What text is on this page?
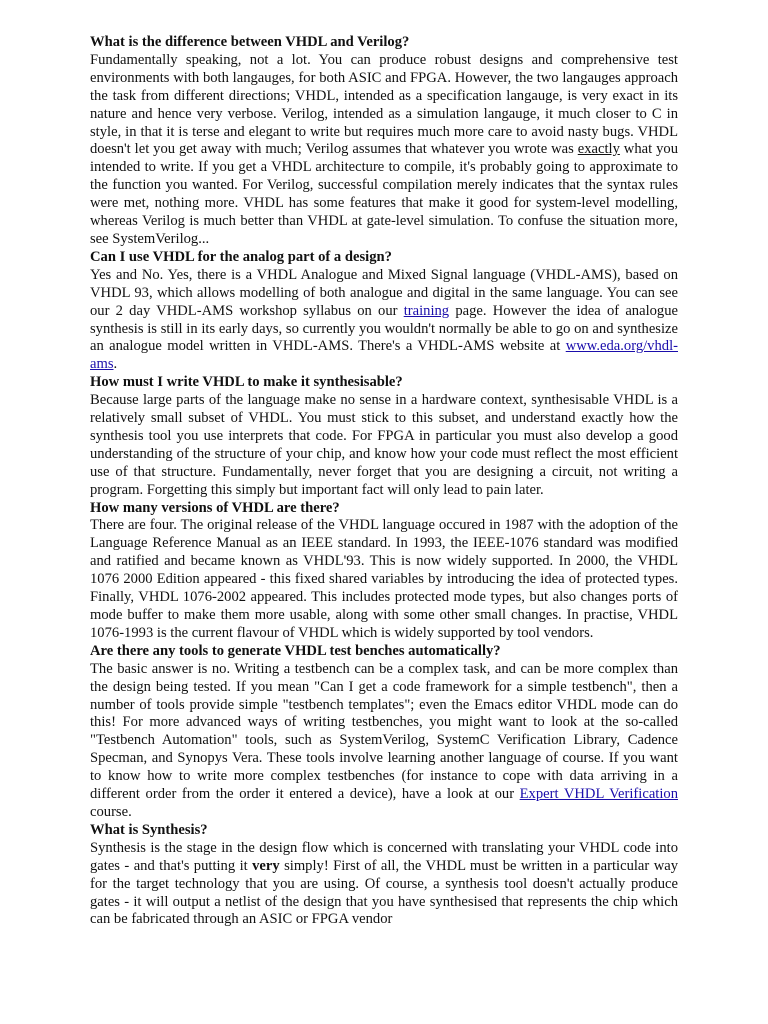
What is the difference between VHDL and Verilog?

Fundamentally speaking, not a lot. You can produce robust designs and comprehensive test environments with both langauges, for both ASIC and FPGA. However, the two langauges approach the task from different directions; VHDL, intended as a specification langauge, is very exact in its nature and hence very verbose. Verilog, intended as a simulation langauge, it much closer to C in style, in that it is terse and elegant to write but requires much more care to avoid nasty bugs. VHDL doesn't let you get away with much; Verilog assumes that whatever you wrote was exactly what you intended to write. If you get a VHDL architecture to compile, it's probably going to approximate to the function you wanted. For Verilog, successful compilation merely indicates that the syntax rules were met, nothing more. VHDL has some features that make it good for system-level modelling, whereas Verilog is much better than VHDL at gate-level simulation. To confuse the situation more, see SystemVerilog...

Can I use VHDL for the analog part of a design?

Yes and No. Yes, there is a VHDL Analogue and Mixed Signal language (VHDL-AMS), based on VHDL 93, which allows modelling of both analogue and digital in the same language. You can see our 2 day VHDL-AMS workshop syllabus on our training page. However the idea of analogue synthesis is still in its early days, so currently you wouldn't normally be able to go on and synthesize an analogue model written in VHDL-AMS. There's a VHDL-AMS website at www.eda.org/vhdl-ams.

How must I write VHDL to make it synthesisable?

Because large parts of the language make no sense in a hardware context, synthesisable VHDL is a relatively small subset of VHDL. You must stick to this subset, and understand exactly how the synthesis tool you use interprets that code. For FPGA in particular you must also develop a good understanding of the structure of your chip, and know how your code must reflect the most efficient use of that structure. Fundamentally, never forget that you are designing a circuit, not writing a program. Forgetting this simply but important fact will only lead to pain later.

How many versions of VHDL are there?

There are four. The original release of the VHDL language occured in 1987 with the adoption of the Language Reference Manual as an IEEE standard. In 1993, the IEEE-1076 standard was modified and ratified and became known as VHDL'93. This is now widely supported. In 2000, the VHDL 1076 2000 Edition appeared - this fixed shared variables by introducing the idea of protected types. Finally, VHDL 1076-2002 appeared. This includes protected mode types, but also changes ports of mode buffer to make them more usable, along with some other small changes. In practise, VHDL 1076-1993 is the current flavour of VHDL which is widely supported by tool vendors.

Are there any tools to generate VHDL test benches automatically?

The basic answer is no. Writing a testbench can be a complex task, and can be more complex than the design being tested. If you mean "Can I get a code framework for a simple testbench", then a number of tools provide simple "testbench templates"; even the Emacs editor VHDL mode can do this! For more advanced ways of writing testbenches, you might want to look at the so-called "Testbench Automation" tools, such as SystemVerilog, SystemC Verification Library, Cadence Specman, and Synopys Vera. These tools involve learning another language of course. If you want to know how to write more complex testbenches (for instance to cope with data arriving in a different order from the order it entered a device), have a look at our Expert VHDL Verification course.

What is Synthesis?

Synthesis is the stage in the design flow which is concerned with translating your VHDL code into gates - and that's putting it very simply! First of all, the VHDL must be written in a particular way for the target technology that you are using. Of course, a synthesis tool doesn't actually produce gates - it will output a netlist of the design that you have synthesised that represents the chip which can be fabricated through an ASIC or FPGA vendor
